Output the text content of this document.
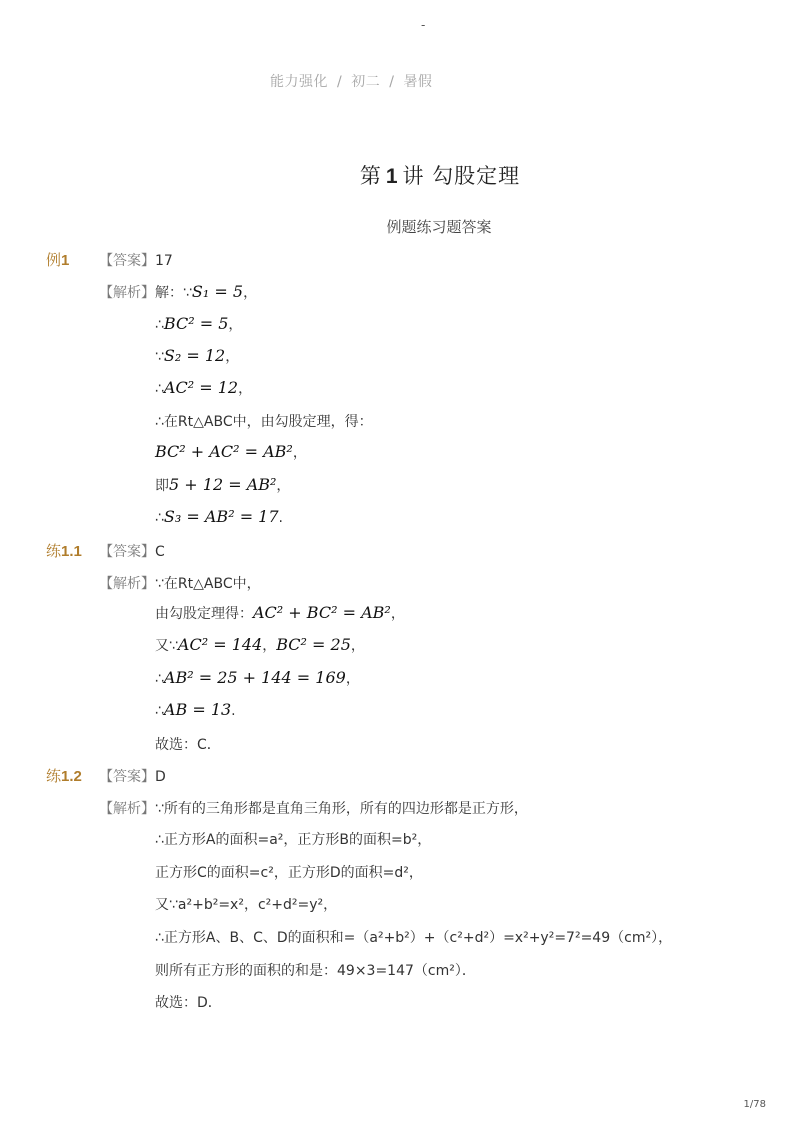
-
能力强化 / 初二 / 暑假
第 1 讲 勾股定理
例题练习题答案
例1 【答案】17
【解析】解：∵S₁ = 5，
∴BC² = 5，
∵S₂ = 12，
∴AC² = 12，
∴在Rt△ABC中，由勾股定理，得：
BC² + AC² = AB²，
即5 + 12 = AB²，
∴S₃ = AB² = 17.
练1.1 【答案】C
【解析】∵在Rt△ABC中，
由勾股定理得：AC² + BC² = AB²，
又∵AC² = 144，BC² = 25，
∴AB² = 25 + 144 = 169，
∴AB = 13.
故选：C．
练1.2 【答案】D
【解析】∵所有的三角形都是直角三角形，所有的四边形都是正方形，
∴正方形A的面积=a²，正方形B的面积=b²，
正方形C的面积=c²，正方形D的面积=d²，
又∵a²+b²=x²，c²+d²=y²，
∴正方形A、B、C、D的面积和=（a²+b²）+（c²+d²）=x²+y²=7²=49（cm²），
则所有正方形的面积的和是：49×3=147（cm²）．
故选：D．
1/78
